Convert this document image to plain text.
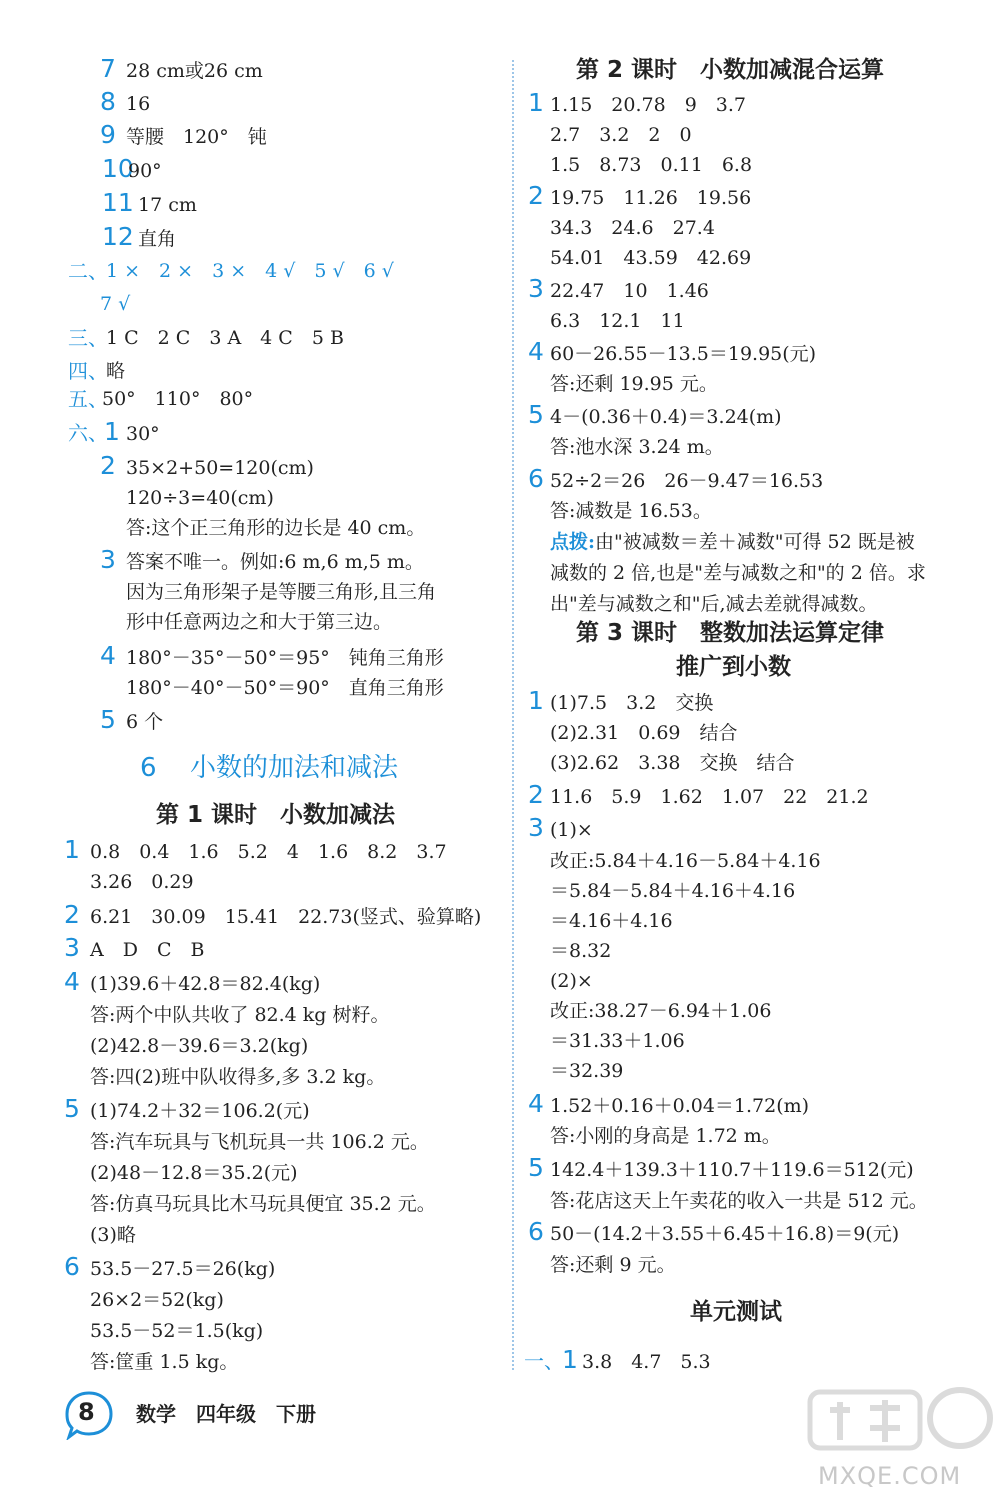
7 28 cm或26 cm
8 16
9 等腰　120°　钝
10
90°
11 17 cm
12 直角
二、
1 ×　2 ×　3 ×　4 √　5 √　6 √
7 √
三、
1 C　2 C　3 A　4 C　5 B
四、
略
五、
50°　110°　80°
六、
1 30°
2 35×2+50=120(cm)
120÷3=40(cm)
答:这个正三角形的边长是 40 cm。
3 答案不唯一。例如:6 m,6 m,5 m。
因为三角形架子是等腰三角形,且三角
形中任意两边之和大于第三边。
4 180°－35°－50°＝95°　钝角三角形
180°－40°－50°＝90°　直角三角形
5 6 个
6 小数的加法和减法
第 1 课时　小数加减法
1 0.8　0.4　1.6　5.2　4　1.6　8.2　3.7
3.26　0.29
2 6.21　30.09　15.41　22.73(竖式、验算略)
3 A　D　C　B
4 (1)39.6＋42.8＝82.4(kg)
答:两个中队共收了 82.4 kg 树籽。
(2)42.8－39.6＝3.2(kg)
答:四(2)班中队收得多,多 3.2 kg。
5 (1)74.2＋32＝106.2(元)
答:汽车玩具与飞机玩具一共 106.2 元。
(2)48－12.8＝35.2(元)
答:仿真马玩具比木马玩具便宜 35.2 元。
(3)略
6 53.5－27.5＝26(kg)
26×2＝52(kg)
53.5－52＝1.5(kg)
答:筐重 1.5 kg。
第 2 课时　小数加减混合运算
1 1.15　20.78　9　3.7
2.7　3.2　2　0
1.5　8.73　0.11　6.8
2 19.75　11.26　19.56
34.3　24.6　27.4
54.01　43.59　42.69
3 22.47　10　1.46
6.3　12.1　11
4 60－26.55－13.5＝19.95(元)
答:还剩 19.95 元。
5 4－(0.36＋0.4)＝3.24(m)
答:池水深 3.24 m。
6 52÷2＝26　26－9.47＝16.53
答:减数是 16.53。
点拨:由"被减数＝差＋减数"可得 52 既是被
减数的 2 倍,也是"差与减数之和"的 2 倍。求
出"差与减数之和"后,减去差就得减数。
第 3 课时　整数加法运算定律
推广到小数
1 (1)7.5　3.2　交换
(2)2.31　0.69　结合
(3)2.62　3.38　交换　结合
2 11.6　5.9　1.62　1.07　22　21.2
3 (1)×
改正:5.84＋4.16－5.84＋4.16
＝5.84－5.84＋4.16＋4.16
＝4.16＋4.16
＝8.32
(2)×
改正:38.27－6.94＋1.06
＝31.33＋1.06
＝32.39
4 1.52＋0.16＋0.04＝1.72(m)
答:小刚的身高是 1.72 m。
5 142.4＋139.3＋110.7＋119.6＝512(元)
答:花店这天上午卖花的收入一共是 512 元。
6 50－(14.2＋3.55＋6.45＋16.8)＝9(元)
答:还剩 9 元。
单元测试
一、
1 3.8　4.7　5.3
8 数学　四年级　下册
MXQE.COM
